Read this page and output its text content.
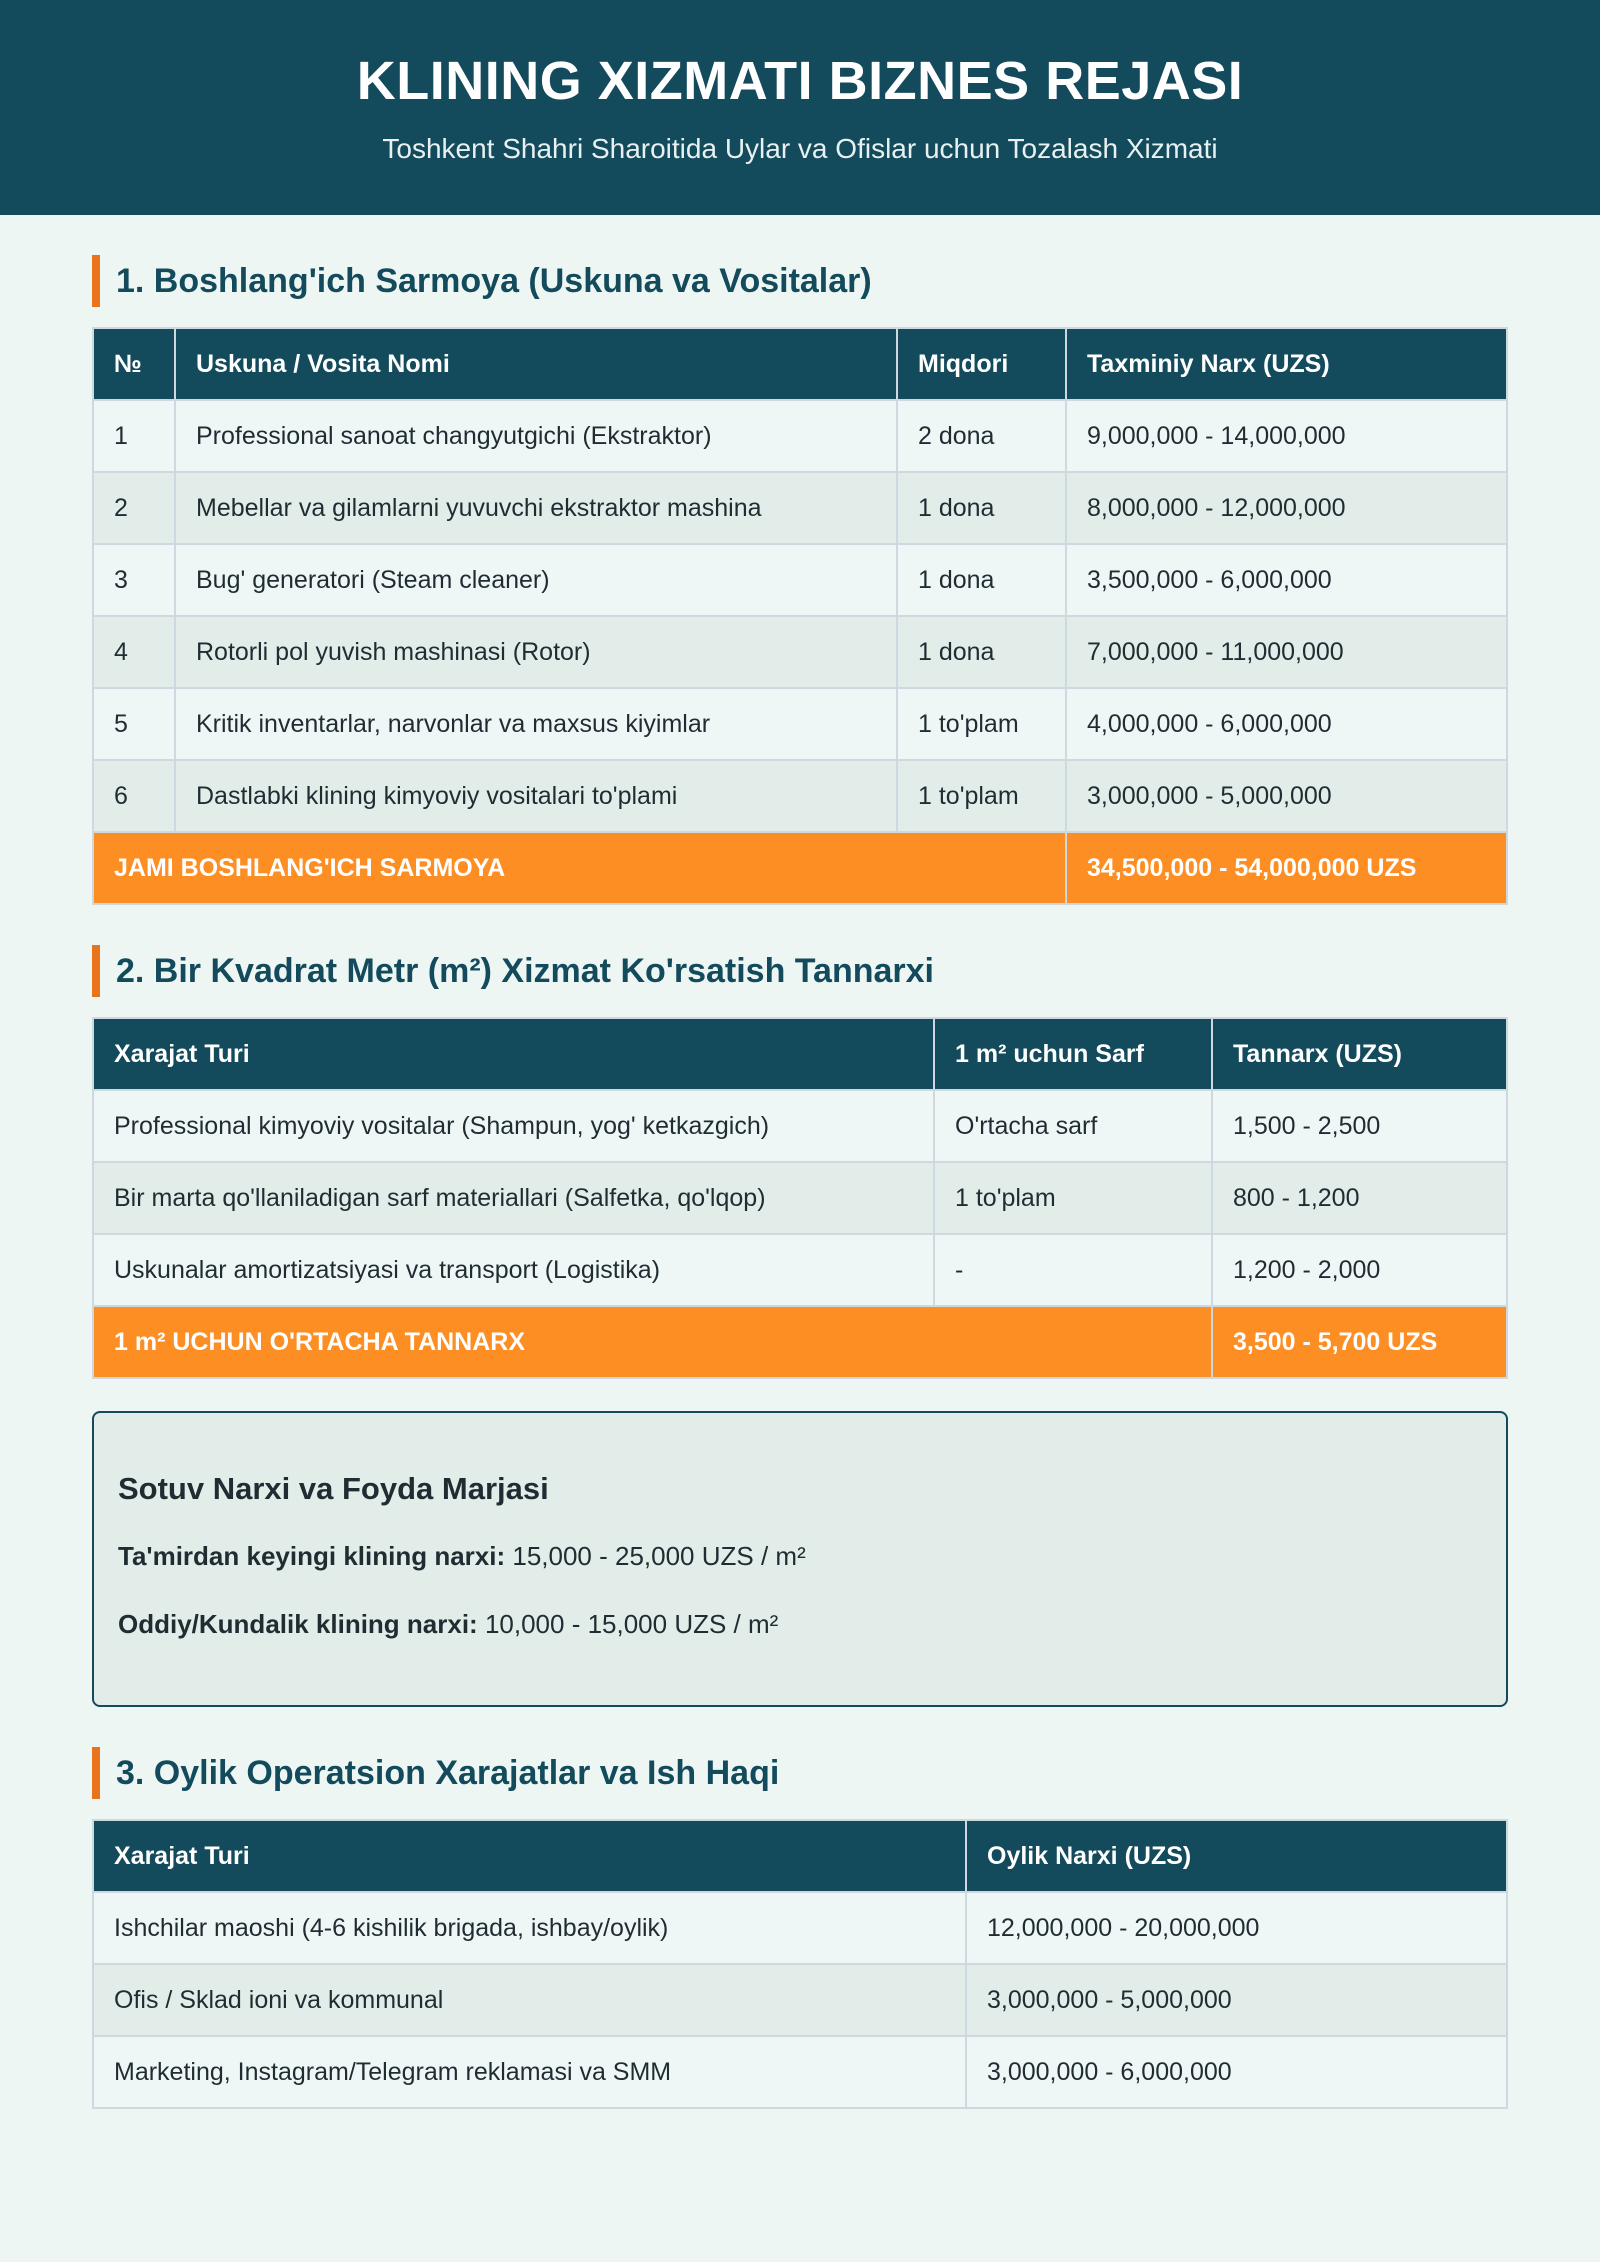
KLINING XIZMATI BIZNES REJASI
Toshkent Shahri Sharoitida Uylar va Ofislar uchun Tozalash Xizmati
1. Boshlang'ich Sarmoya (Uskuna va Vositalar)
№	Uskuna / Vosita Nomi	Miqdori	Taxminiy Narx (UZS)
1	Professional sanoat changyutgichi (Ekstraktor)	2 dona	9,000,000 - 14,000,000
2	Mebellar va gilamlarni yuvuvchi ekstraktor mashina	1 dona	8,000,000 - 12,000,000
3	Bug' generatori (Steam cleaner)	1 dona	3,500,000 - 6,000,000
4	Rotorli pol yuvish mashinasi (Rotor)	1 dona	7,000,000 - 11,000,000
5	Kritik inventarlar, narvonlar va maxsus kiyimlar	1 to'plam	4,000,000 - 6,000,000
6	Dastlabki klining kimyoviy vositalari to'plami	1 to'plam	3,000,000 - 5,000,000
JAMI BOSHLANG'ICH SARMOYA			34,500,000 - 54,000,000 UZS
2. Bir Kvadrat Metr (m²) Xizmat Ko'rsatish Tannarxi
Xarajat Turi	1 m² uchun Sarf	Tannarx (UZS)
Professional kimyoviy vositalar (Shampun, yog' ketkazgich)	O'rtacha sarf	1,500 - 2,500
Bir marta qo'llaniladigan sarf materiallari (Salfetka, qo'lqop)	1 to'plam	800 - 1,200
Uskunalar amortizatsiyasi va transport (Logistika)	-	1,200 - 2,000
1 m² UCHUN O'RTACHA TANNARX		3,500 - 5,700 UZS
Sotuv Narxi va Foyda Marjasi

Ta'mirdan keyingi klining narxi: 15,000 - 25,000 UZS / m²

Oddiy/Kundalik klining narxi: 10,000 - 15,000 UZS / m²

3. Oylik Operatsion Xarajatlar va Ish Haqi
Xarajat Turi	Oylik Narxi (UZS)
Ishchilar maoshi (4-6 kishilik brigada, ishbay/oylik)	12,000,000 - 20,000,000
Ofis / Sklad ioni va kommunal	3,000,000 - 5,000,000
Marketing, Instagram/Telegram reklamasi va SMM	3,000,000 - 6,000,000
